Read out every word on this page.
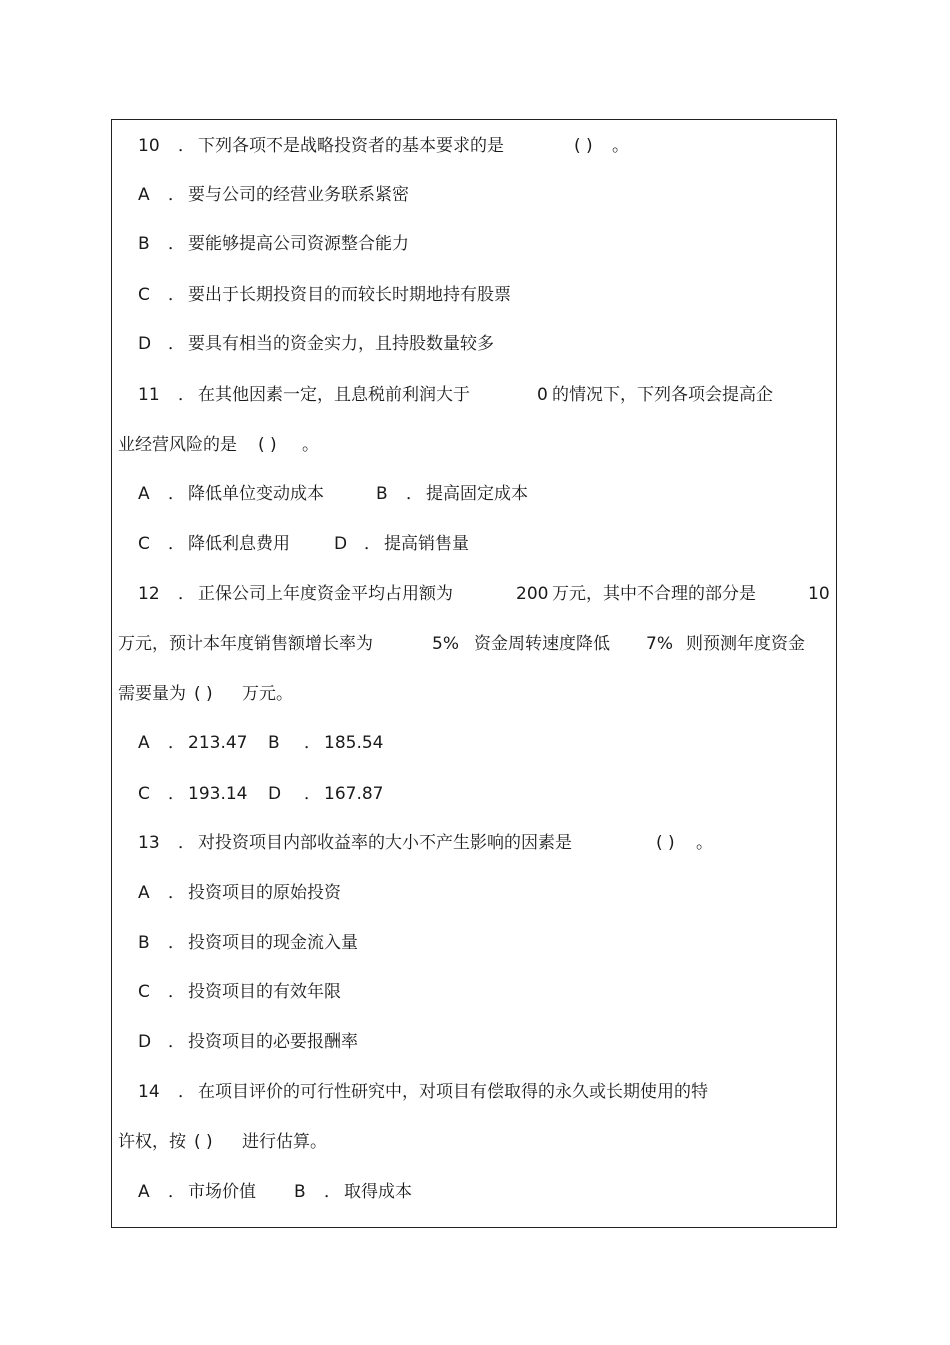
10 ． 下列各项不是战略投资者的基本要求的是	( ) 。
A ． 要与公司的经营业务联系紧密
B ． 要能够提高公司资源整合能力
C ． 要出于长期投资目的而较长时期地持有股票
D ． 要具有相当的资金实力，且持股数量较多
11 ． 在其他因素一定，且息税前利润大于	0 的情况下，下列各项会提高企
业经营风险的是 ( ) 。
A ． 降低单位变动成本	B ． 提高固定成本
C ． 降低利息费用	D ． 提高销售量
12 ． 正保公司上年度资金平均占用额为	200 万元，其中不合理的部分是	10
万元，预计本年度销售额增长率为	5% 资金周转速度降低 7% 则预测年度资金
需要量为 ( ) 万元。
A ． 213.47 B ． 185.54
C ． 193.14 D ． 167.87
13 ． 对投资项目内部收益率的大小不产生影响的因素是	( ) 。
A ． 投资项目的原始投资
B ． 投资项目的现金流入量
C ． 投资项目的有效年限
D ． 投资项目的必要报酬率
14 ． 在项目评价的可行性研究中，对项目有偿取得的永久或长期使用的特
许权，按 ( ) 进行估算。
A ． 市场价值 B ． 取得成本
